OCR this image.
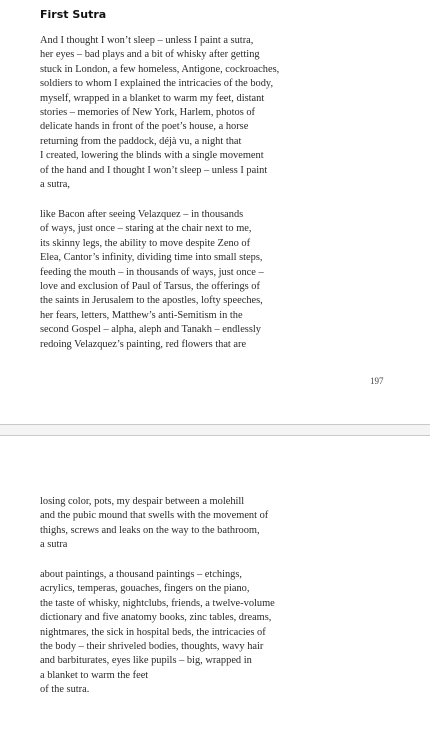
First Sutra
And I thought I won’t sleep – unless I paint a sutra,
her eyes – bad plays and a bit of whisky after getting
stuck in London, a few homeless, Antigone, cockroaches,
soldiers to whom I explained the intricacies of the body,
myself, wrapped in a blanket to warm my feet, distant
stories – memories of New York, Harlem, photos of
delicate hands in front of the poet’s house, a horse
returning from the paddock, déjà vu, a night that
I created, lowering the blinds with a single movement
of the hand and I thought I won’t sleep – unless I paint
a sutra,
like Bacon after seeing Velazquez – in thousands
of ways, just once – staring at the chair next to me,
its skinny legs, the ability to move despite Zeno of
Elea, Cantor’s infinity, dividing time into small steps,
feeding the mouth – in thousands of ways, just once –
love and exclusion of Paul of Tarsus, the offerings of
the saints in Jerusalem to the apostles, lofty speeches,
her fears, letters, Matthew’s anti-Semitism in the
second Gospel – alpha, aleph and Tanakh – endlessly
redoing Velazquez’s painting, red flowers that are
197
losing color, pots, my despair between a molehill
and the pubic mound that swells with the movement of
thighs, screws and leaks on the way to the bathroom,
a sutra
about paintings, a thousand paintings – etchings,
acrylics, temperas, gouaches, fingers on the piano,
the taste of whisky, nightclubs, friends, a twelve-volume
dictionary and five anatomy books, zinc tables, dreams,
nightmares, the sick in hospital beds, the intricacies of
the body – their shriveled bodies, thoughts, wavy hair
and barbiturates, eyes like pupils – big, wrapped in
a blanket to warm the feet
of the sutra.
